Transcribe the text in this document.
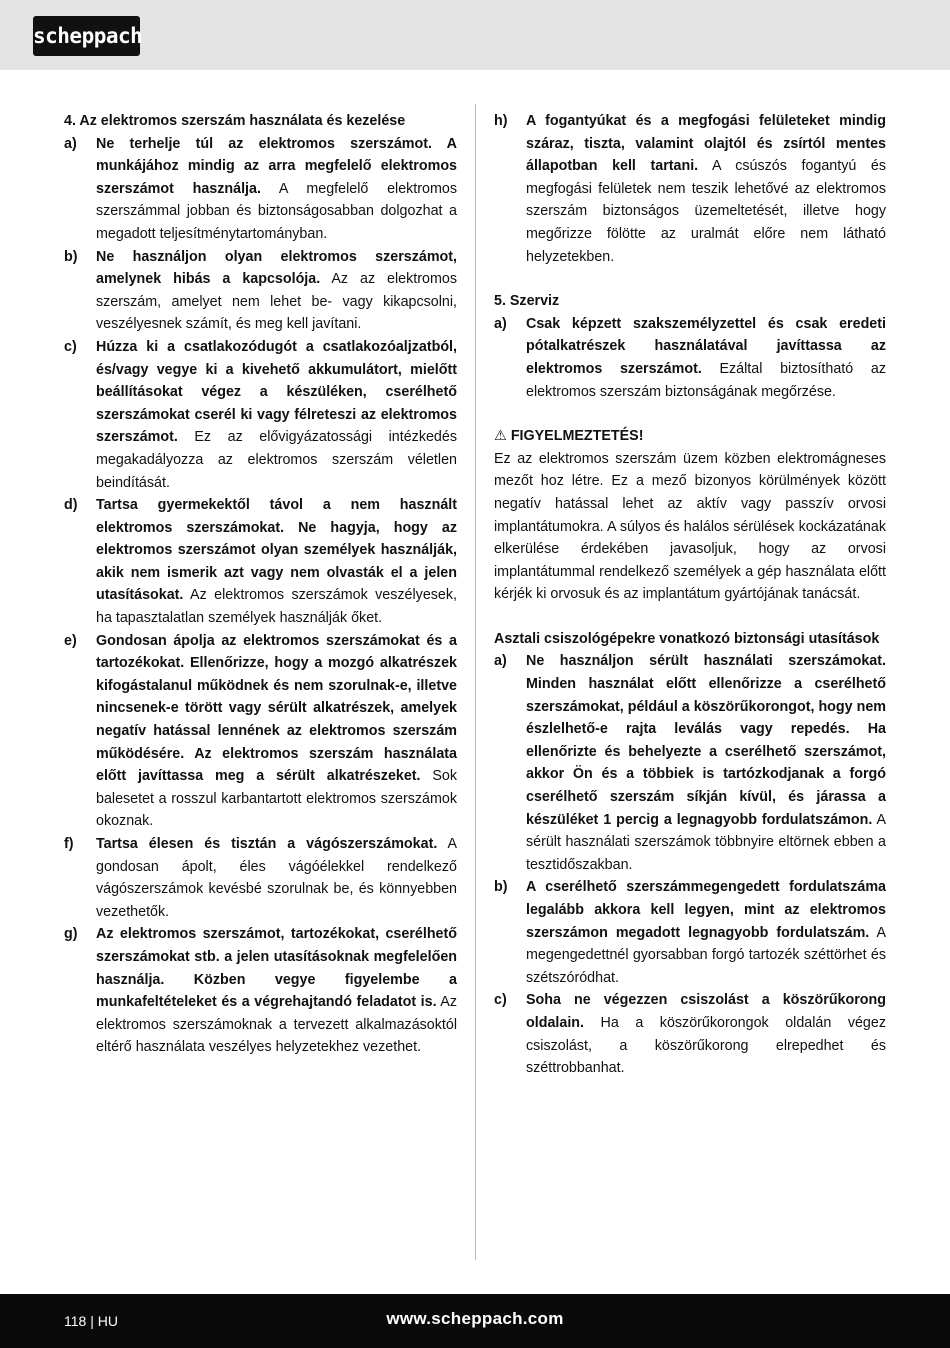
scheppach

4. Az elektromos szerszám használata és kezelése

a)	Ne terhelje túl az elektromos szerszámot. A munkájához mindig az arra megfelelő elektromos szerszámot használja. A megfelelő elektromos szerszámmal jobban és biztonságosabban dolgozhat a megadott teljesítménytartományban.
b)	Ne használjon olyan elektromos szerszámot, amelynek hibás a kapcsolója. Az az elektromos szerszám, amelyet nem lehet be- vagy kikapcsolni, veszélyesnek számít, és meg kell javítani.
c)	Húzza ki a csatlakozódugót a csatlakozóaljzatból, és/vagy vegye ki a kivehető akkumulátort, mielőtt beállításokat végez a készüléken, cserélhető szerszámokat cserél ki vagy félreteszi az elektromos szerszámot. Ez az elővigyázatossági intézkedés megakadályozza az elektromos szerszám véletlen beindítását.
d)	Tartsa gyermekektől távol a nem használt elektromos szerszámokat. Ne hagyja, hogy az elektromos szerszámot olyan személyek használják, akik nem ismerik azt vagy nem olvasták el a jelen utasításokat. Az elektromos szerszámok veszélyesek, ha tapasztalatlan személyek használják őket.
e)	Gondosan ápolja az elektromos szerszámokat és a tartozékokat. Ellenőrizze, hogy a mozgó alkatrészek kifogástalanul működnek és nem szorulnak-e, illetve nincsenek-e törött vagy sérült alkatrészek, amelyek negatív hatással lennének az elektromos szerszám működésére. Az elektromos szerszám használata előtt javíttassa meg a sérült alkatrészeket. Sok balesetet a rosszul karbantartott elektromos szerszámok okoznak.
f)	Tartsa élesen és tisztán a vágószerszámokat. A gondosan ápolt, éles vágóélekkel rendelkező vágószerszámok kevésbé szorulnak be, és könnyebben vezethetők.
g)	Az elektromos szerszámot, tartozékokat, cserélhető szerszámokat stb. a jelen utasításoknak megfelelően használja. Közben vegye figyelembe a munkafeltételeket és a végrehajtandó feladatot is. Az elektromos szerszámoknak a tervezett alkalmazásoktól eltérő használata veszélyes helyzetekhez vezethet.
h)	A fogantyúkat és a megfogási felületeket mindig száraz, tiszta, valamint olajtól és zsírtól mentes állapotban kell tartani. A csúszós fogantyú és megfogási felületek nem teszik lehetővé az elektromos szerszám biztonságos üzemeltetését, illetve hogy megőrizze fölötte az uralmát előre nem látható helyzetekben.

5. Szerviz

a)	Csak képzett szakszemélyzettel és csak eredeti pótalkatrészek használatával javíttassa az elektromos szerszámot. Ezáltal biztosítható az elektromos szerszám biztonságának megőrzése.

⚠ FIGYELMEZTETÉS!

Ez az elektromos szerszám üzem közben elektromágneses mezőt hoz létre. Ez a mező bizonyos körülmények között negatív hatással lehet az aktív vagy passzív orvosi implantátumokra. A súlyos és halálos sérülések kockázatának elkerülése érdekében javasoljuk, hogy az orvosi implantátummal rendelkező személyek a gép használata előtt kérjék ki orvosuk és az implantátum gyártójának tanácsát.

Asztali csiszológépekre vonatkozó biztonsági utasítások

a)	Ne használjon sérült használati szerszámokat. Minden használat előtt ellenőrizze a cserélhető szerszámokat, például a köszörűkorongot, hogy nem észlelhető-e rajta leválás vagy repedés. Ha ellenőrizte és behelyezte a cserélhető szerszámot, akkor Ön és a többiek is tartózkodjanak a forgó cserélhető szerszám síkján kívül, és járassa a készüléket 1 percig a legnagyobb fordulatszámon. A sérült használati szerszámok többnyire eltörnek ebben a tesztidőszakban.
b)	A cserélhető szerszámmegengedett fordulatszáma legalább akkora kell legyen, mint az elektromos szerszámon megadott legnagyobb fordulatszám. A megengedettnél gyorsabban forgó tartozék széttörhet és szétszóródhat.
c)	Soha ne végezzen csiszolást a köszörűkorong oldalain. Ha a köszörűkorongok oldalán végez csiszolást, a köszörűkorong elrepedhet és széttrobbanhat.
118 | HU	www.scheppach.com
